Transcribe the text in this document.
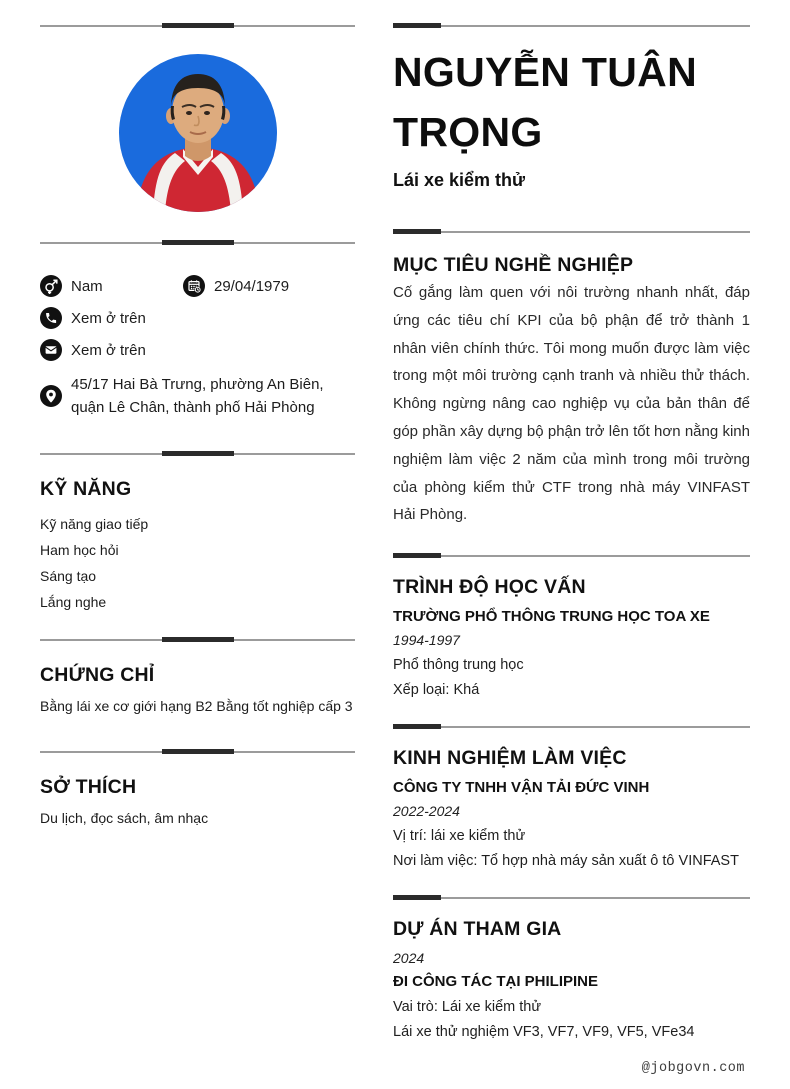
Nam	29/04/1979
Xem ở trên
Xem ở trên
45/17 Hai Bà Trưng, phường An Biên, quận Lê Chân, thành phố Hải Phòng
KỸ NĂNG
Kỹ năng giao tiếp
Ham học hỏi
Sáng tạo
Lắng nghe
CHỨNG CHỈ
Bằng lái xe cơ giới hạng B2 Bằng tốt nghiệp cấp 3
SỞ THÍCH
Du lịch, đọc sách, âm nhạc
NGUYỄN TUÂN TRỌNG
Lái xe kiểm thử
MỤC TIÊU NGHỀ NGHIỆP

Cố gắng làm quen với nôi trường nhanh nhất, đáp ứng các tiêu chí KPI của bộ phận để trở thành 1 nhân viên chính thức. Tôi mong muốn được làm việc trong một môi trường cạnh tranh và nhiều thử thách. Không ngừng nâng cao nghiệp vụ của bản thân để góp phần xây dựng bộ phận trở lên tốt hơn nằng kinh nghiệm làm việc 2 năm của mình trong môi trường của phòng kiểm thử CTF trong nhà máy VINFAST Hải Phòng.

TRÌNH ĐỘ HỌC VẤN
TRƯỜNG PHỔ THÔNG TRUNG HỌC TOA XE
1994-1997
Phổ thông trung học
Xếp loại: Khá
KINH NGHIỆM LÀM VIỆC
CÔNG TY TNHH VẬN TẢI ĐỨC VINH
2022-2024
Vị trí: lái xe kiểm thử
Nơi làm việc: Tổ hợp nhà máy sản xuất ô tô VINFAST
DỰ ÁN THAM GIA
2024
ĐI CÔNG TÁC TẠI PHILIPINE
Vai trò: Lái xe kiểm thử
Lái xe thử nghiệm VF3, VF7, VF9, VF5, VFe34
@jobgovn.com
